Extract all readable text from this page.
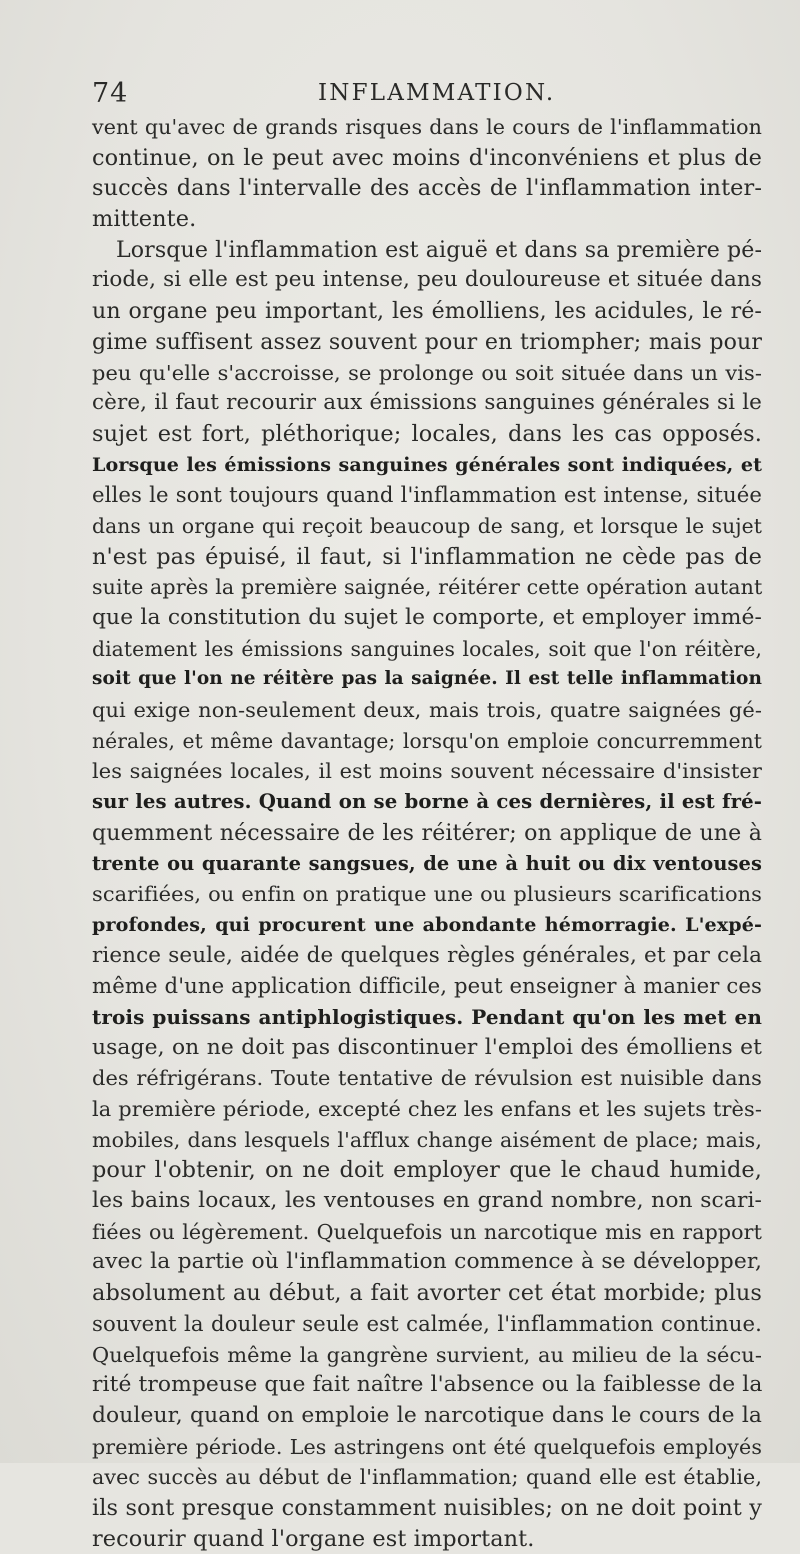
74	INFLAMMATION.
vent qu'avec de grands risques dans le cours de l'inflammation
continue, on le peut avec moins d'inconvéniens et plus de
succès dans l'intervalle des accès de l'inflammation inter-
mittente.
Lorsque l'inflammation est aiguë et dans sa première pé-
riode, si elle est peu intense, peu douloureuse et située dans
un organe peu important, les émolliens, les acidules, le ré-
gime suffisent assez souvent pour en triompher; mais pour
peu qu'elle s'accroisse, se prolonge ou soit située dans un vis-
cère, il faut recourir aux émissions sanguines générales si le
sujet est fort, pléthorique; locales, dans les cas opposés.
Lorsque les émissions sanguines générales sont indiquées, et
elles le sont toujours quand l'inflammation est intense, située
dans un organe qui reçoit beaucoup de sang, et lorsque le sujet
n'est pas épuisé, il faut, si l'inflammation ne cède pas de
suite après la première saignée, réitérer cette opération autant
que la constitution du sujet le comporte, et employer immé-
diatement les émissions sanguines locales, soit que l'on réitère,
soit que l'on ne réitère pas la saignée. Il est telle inflammation
qui exige non-seulement deux, mais trois, quatre saignées gé-
nérales, et même davantage; lorsqu'on emploie concurremment
les saignées locales, il est moins souvent nécessaire d'insister
sur les autres. Quand on se borne à ces dernières, il est fré-
quemment nécessaire de les réitérer; on applique de une à
trente ou quarante sangsues, de une à huit ou dix ventouses
scarifiées, ou enfin on pratique une ou plusieurs scarifications
profondes, qui procurent une abondante hémorragie. L'expé-
rience seule, aidée de quelques règles générales, et par cela
même d'une application difficile, peut enseigner à manier ces
trois puissans antiphlogistiques. Pendant qu'on les met en
usage, on ne doit pas discontinuer l'emploi des émolliens et
des réfrigérans. Toute tentative de révulsion est nuisible dans
la première période, excepté chez les enfans et les sujets très-
mobiles, dans lesquels l'afflux change aisément de place; mais,
pour l'obtenir, on ne doit employer que le chaud humide,
les bains locaux, les ventouses en grand nombre, non scari-
fiées ou légèrement. Quelquefois un narcotique mis en rapport
avec la partie où l'inflammation commence à se développer,
absolument au début, a fait avorter cet état morbide; plus
souvent la douleur seule est calmée, l'inflammation continue.
Quelquefois même la gangrène survient, au milieu de la sécu-
rité trompeuse que fait naître l'absence ou la faiblesse de la
douleur, quand on emploie le narcotique dans le cours de la
première période. Les astringens ont été quelquefois employés
avec succès au début de l'inflammation; quand elle est établie,
ils sont presque constamment nuisibles; on ne doit point y
recourir quand l'organe est important.
